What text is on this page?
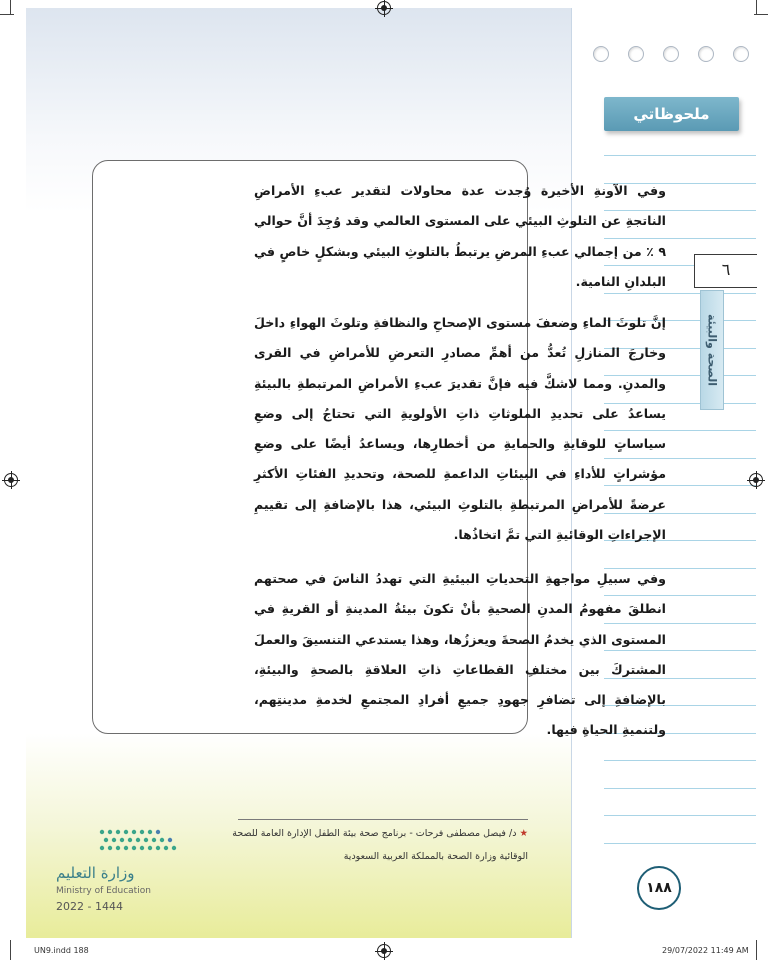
ملحوظاتي
٦
الصحة والبيئة
وفي الآونةِ الأخيرة وُجدت عدة محاولات لتقدير عبءِ الأمراضِ الناتجةِ عن التلوثِ البيئي على المستوى العالمي وقد وُجِدَ أنَّ حوالي ٩ ٪ من إجمالي عبءِ المرضِ يرتبطُ بالتلوثِ البيئي وبشكلٍ خاصٍ في البلدانِ النامية.
إنَّ تلوثَ الماءِ وضعفَ مستوى الإصحاحِ والنظافةِ وتلوثَ الهواءِ داخلَ وخارجَ المنازلِ تُعدُّ من أهمِّ مصادرِ التعرضِ للأمراضِ في القرى والمدنِ. ومما لاشكَّ فيه فإنَّ تقديرَ عبءِ الأمراضِ المرتبطةِ بالبيئةِ يساعدُ على تحديدِ الملوثاتِ ذاتِ الأولويةِ التي تحتاجُ إلى وضعِ سياساتٍ للوقايةِ والحمايةِ من أخطارِها، ويساعدُ أيضًا على وضعِ مؤشراتٍ للأداءِ في البيئاتِ الداعمةِ للصحة، وتحديدِ الفئاتِ الأكثرِ عرضةً للأمراضِ المرتبطةِ بالتلوثِ البيئي، هذا بالإضافةِ إلى تقييمِ الإجراءاتِ الوقائيةِ التي تمَّ اتخاذُها.
وفي سبيلِ مواجهةِ التحدياتِ البيئيةِ التي تهددُ الناسَ في صحتهم انطلقَ مفهومُ المدنِ الصحيةِ بأنْ تكونَ بيئةُ المدينةِ أو القريةِ في المستوى الذي يخدمُ الصحةَ ويعززُها، وهذا يستدعي التنسيقَ والعملَ المشتركَ بين مختلفِ القطاعاتِ ذاتِ العلاقةِ بالصحةِ والبيئةِ، بالإضافةِ إلى تضافرِ جهودِ جميعِ أفرادِ المجتمعِ لخدمةِ مدينتِهم، ولتنميةِ الحياةِ فيها.
★ د/ فيصل مصطفى فرحات - برنامج صحة بيئة الطفل الإدارة العامة للصحة الوقائية وزارة الصحة بالمملكة العربية السعودية
وزارة التعليم
Ministry of Education
2022 - 1444
١٨٨
UN9.indd 188	29/07/2022 11:49 AM
